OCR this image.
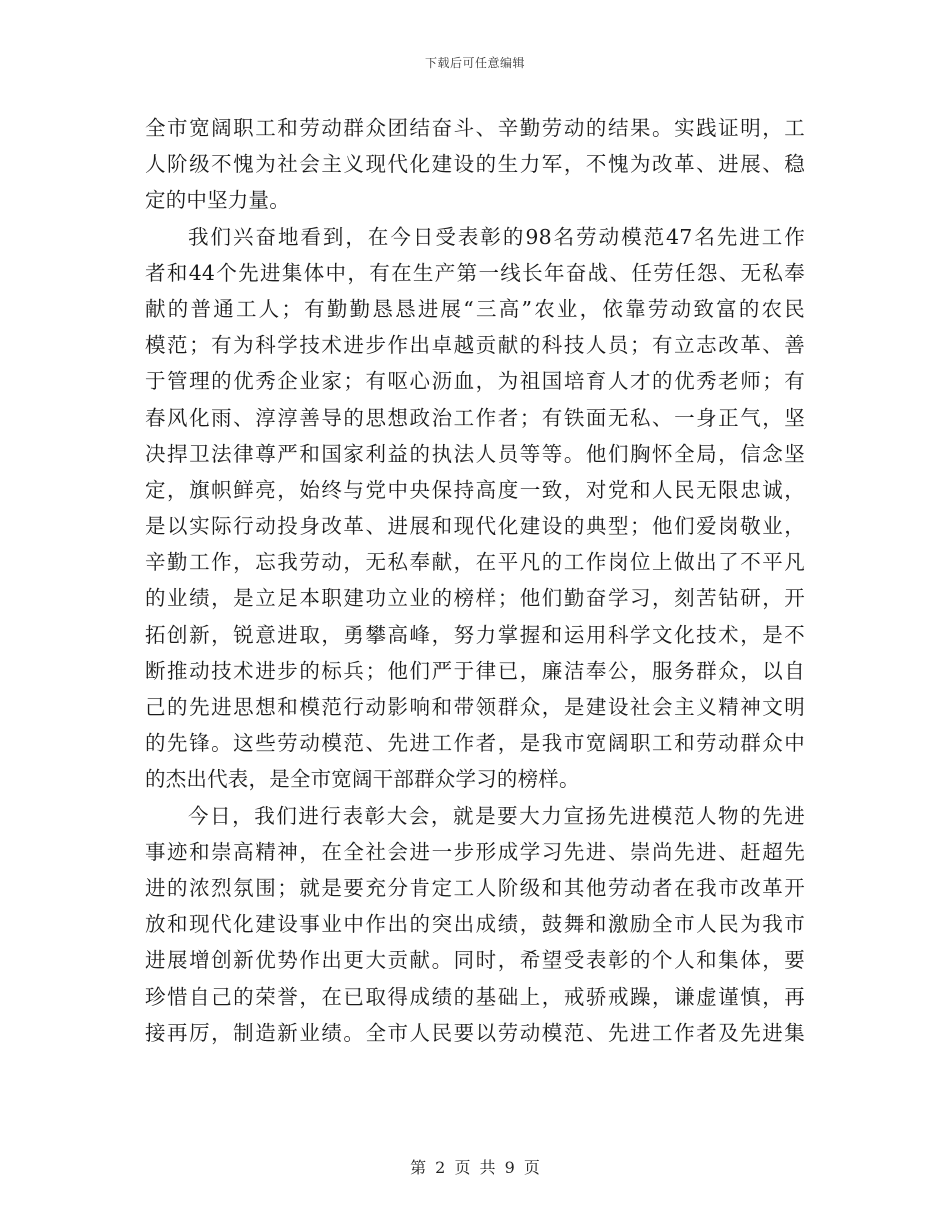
下载后可任意编辑
全市宽阔职工和劳动群众团结奋斗、辛勤劳动的结果。实践证明，工
人阶级不愧为社会主义现代化建设的生力军，不愧为改革、进展、稳
定的中坚力量。
我们兴奋地看到，在今日受表彰的98名劳动模范47名先进工作
者和44个先进集体中，有在生产第一线长年奋战、任劳任怨、无私奉
献的普通工人；有勤勤恳恳进展“三高”农业，依靠劳动致富的农民
模范；有为科学技术进步作出卓越贡献的科技人员；有立志改革、善
于管理的优秀企业家；有呕心沥血，为祖国培育人才的优秀老师；有
春风化雨、淳淳善导的思想政治工作者；有铁面无私、一身正气，坚
决捍卫法律尊严和国家利益的执法人员等等。他们胸怀全局，信念坚
定，旗帜鲜亮，始终与党中央保持高度一致，对党和人民无限忠诚，
是以实际行动投身改革、进展和现代化建设的典型；他们爱岗敬业，
辛勤工作，忘我劳动，无私奉献，在平凡的工作岗位上做出了不平凡
的业绩，是立足本职建功立业的榜样；他们勤奋学习，刻苦钻研，开
拓创新，锐意进取，勇攀高峰，努力掌握和运用科学文化技术，是不
断推动技术进步的标兵；他们严于律已，廉洁奉公，服务群众，以自
己的先进思想和模范行动影响和带领群众，是建设社会主义精神文明
的先锋。这些劳动模范、先进工作者，是我市宽阔职工和劳动群众中
的杰出代表，是全市宽阔干部群众学习的榜样。
今日，我们进行表彰大会，就是要大力宣扬先进模范人物的先进
事迹和崇高精神，在全社会进一步形成学习先进、崇尚先进、赶超先
进的浓烈氛围；就是要充分肯定工人阶级和其他劳动者在我市改革开
放和现代化建设事业中作出的突出成绩，鼓舞和激励全市人民为我市
进展增创新优势作出更大贡献。同时，希望受表彰的个人和集体，要
珍惜自己的荣誉，在已取得成绩的基础上，戒骄戒躁，谦虚谨慎，再
接再厉，制造新业绩。全市人民要以劳动模范、先进工作者及先进集
第 2 页 共 9 页
